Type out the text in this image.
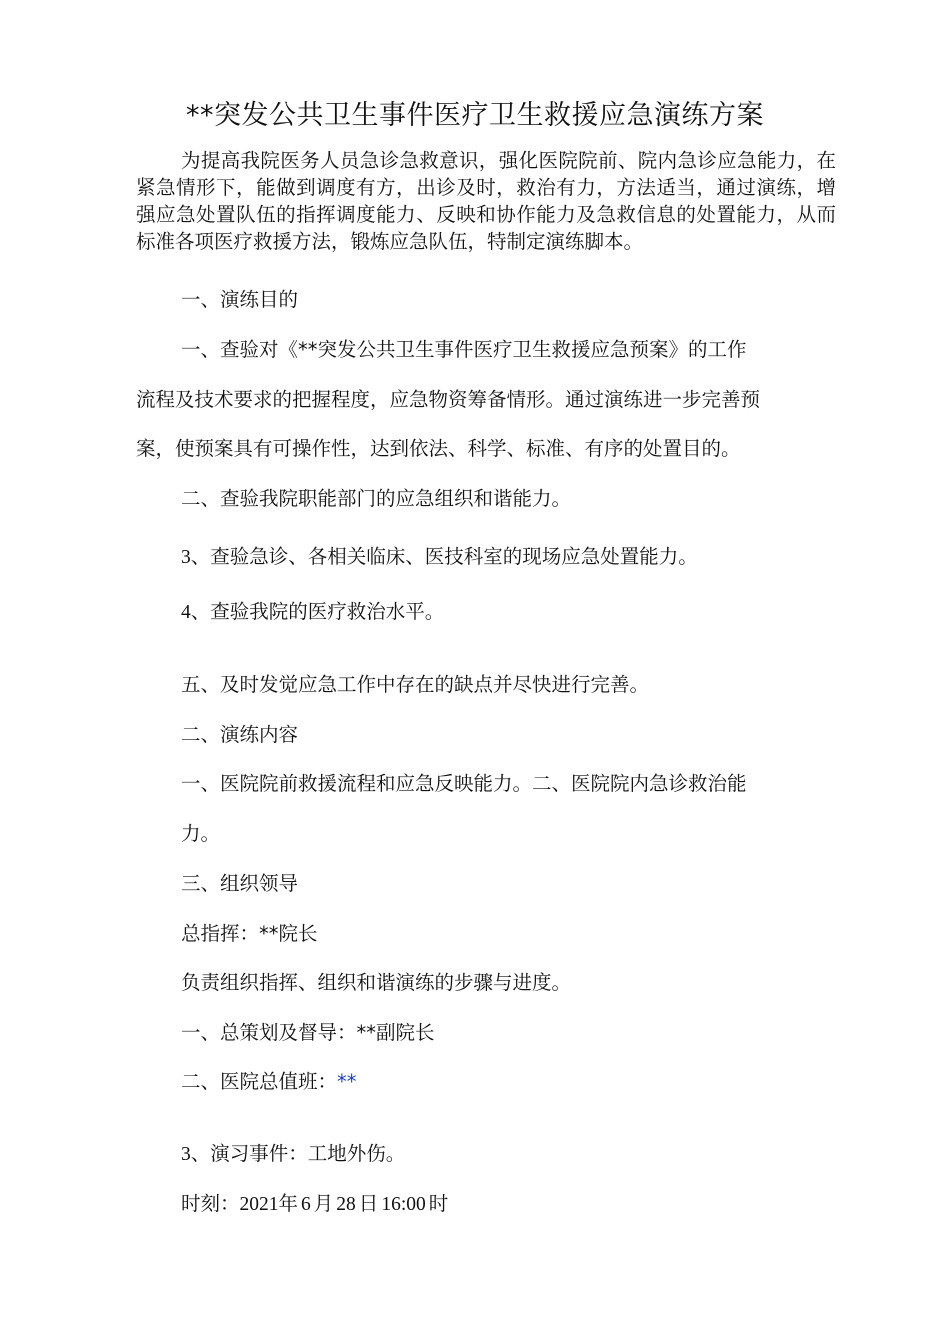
**突发公共卫生事件医疗卫生救援应急演练方案
为提高我院医务人员急诊急救意识，强化医院院前、院内急诊应急能力，在紧急情形下，能做到调度有方，出诊及时，救治有力，方法适当，通过演练，增强应急处置队伍的指挥调度能力、反映和协作能力及急救信息的处置能力，从而标准各项医疗救援方法，锻炼应急队伍，特制定演练脚本。
一、演练目的
一、查验对《**突发公共卫生事件医疗卫生救援应急预案》的工作
流程及技术要求的把握程度，应急物资筹备情形。通过演练进一步完善预
案，使预案具有可操作性，达到依法、科学、标准、有序的处置目的。
二、查验我院职能部门的应急组织和谐能力。
3、查验急诊、各相关临床、医技科室的现场应急处置能力。
4、查验我院的医疗救治水平。
五、及时发觉应急工作中存在的缺点并尽快进行完善。
二、演练内容
一、医院院前救援流程和应急反映能力。二、医院院内急诊救治能
力。
三、组织领导
总指挥：**院长
负责组织指挥、组织和谐演练的步骤与进度。
一、总策划及督导：**副院长
二、医院总值班：**
3、演习事件：工地外伤。
时刻：2021年 6 月 28 日 16:00 时
